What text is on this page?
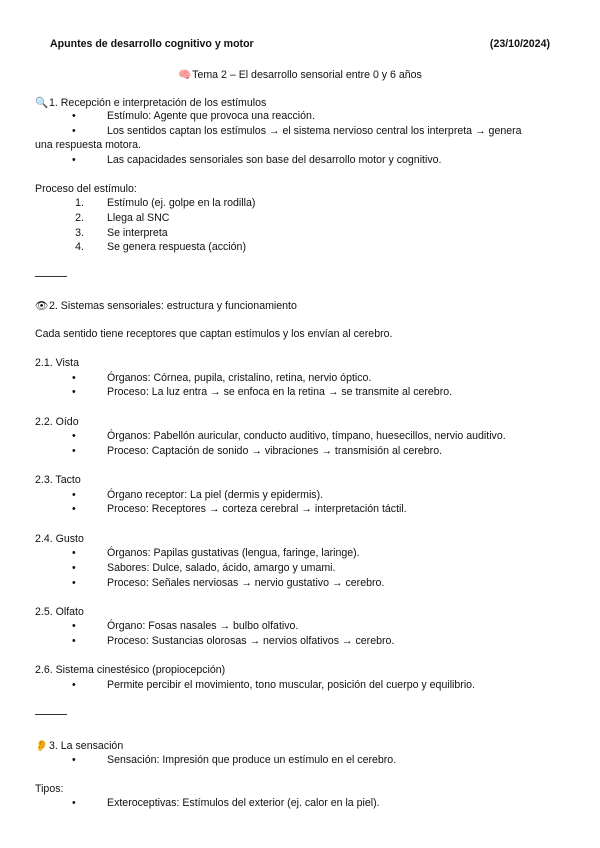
Apuntes de desarrollo cognitivo y motor	(23/10/2024)
🧠Tema 2 – El desarrollo sensorial entre 0 y 6 años
🔍1. Recepción e interpretación de los estímulos
•	Estímulo: Agente que provoca una reacción.
•	Los sentidos captan los estímulos → el sistema nervioso central los interpreta → genera
una respuesta motora.
•	Las capacidades sensoriales son base del desarrollo motor y cognitivo.
Proceso del estímulo:
1. Estímulo (ej. golpe en la rodilla)
2. Llega al SNC
3. Se interpreta
4. Se genera respuesta (acción)
👁2. Sistemas sensoriales: estructura y funcionamiento
Cada sentido tiene receptores que captan estímulos y los envían al cerebro.
2.1. Vista
•	Órganos: Córnea, pupila, cristalino, retina, nervio óptico.
•	Proceso: La luz entra → se enfoca en la retina → se transmite al cerebro.
2.2. Oído
•	Órganos: Pabellón auricular, conducto auditivo, tímpano, huesecillos, nervio auditivo.
•	Proceso: Captación de sonido → vibraciones → transmisión al cerebro.
2.3. Tacto
•	Órgano receptor: La piel (dermis y epidermis).
•	Proceso: Receptores → corteza cerebral → interpretación táctil.
2.4. Gusto
•	Órganos: Papilas gustativas (lengua, faringe, laringe).
•	Sabores: Dulce, salado, ácido, amargo y umami.
•	Proceso: Señales nerviosas → nervio gustativo → cerebro.
2.5. Olfato
•	Órgano: Fosas nasales → bulbo olfativo.
•	Proceso: Sustancias olorosas → nervios olfativos → cerebro.
2.6. Sistema cinestésico (propiocepción)
•	Permite percibir el movimiento, tono muscular, posición del cuerpo y equilibrio.
👂3. La sensación
•	Sensación: Impresión que produce un estímulo en el cerebro.
Tipos:
•	Exteroceptivas: Estímulos del exterior (ej. calor en la piel).
